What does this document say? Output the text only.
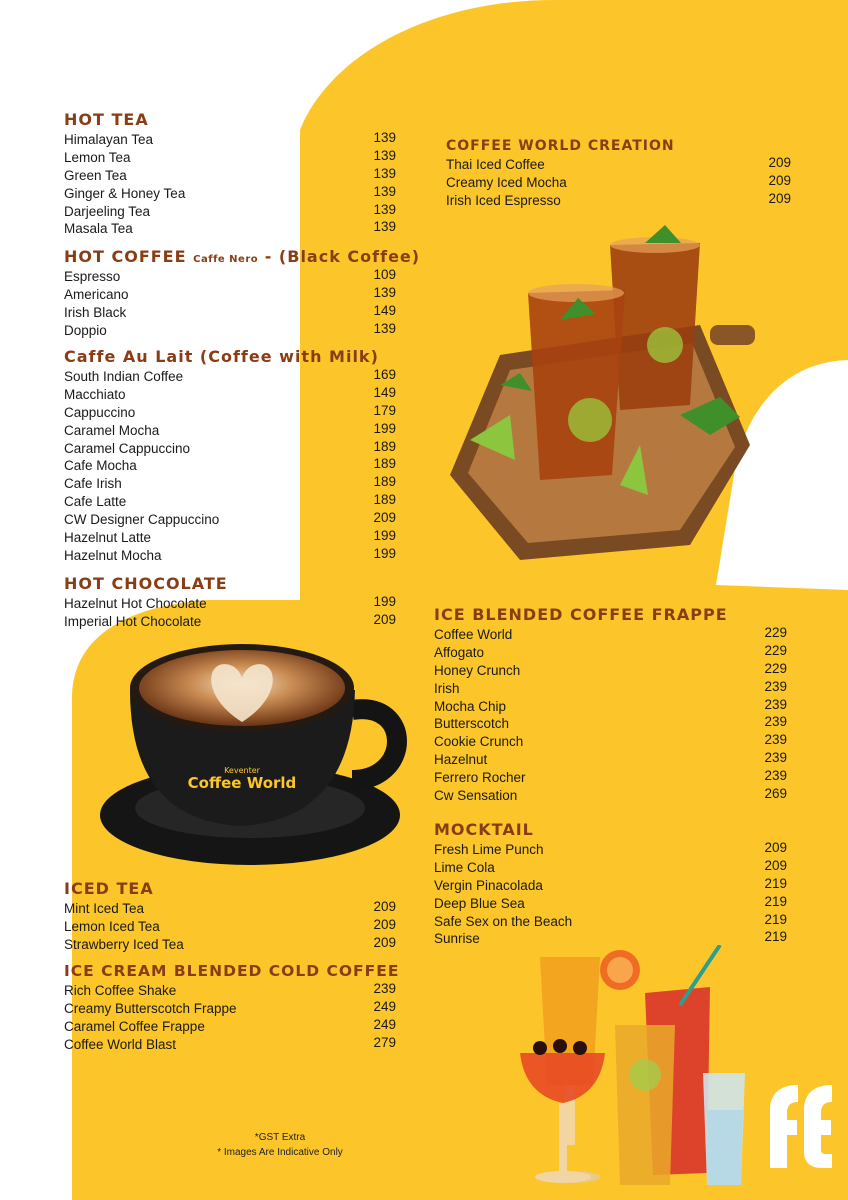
HOT TEA
Himalayan Tea	139
Lemon Tea	139
Green Tea	139
Ginger & Honey Tea	139
Darjeeling Tea	139
Masala Tea	139
HOT COFFEE Caffe Nero - (Black Coffee)
Espresso	109
Americano	139
Irish Black	149
Doppio	139
Caffe Au Lait (Coffee with Milk)
South Indian Coffee	169
Macchiato	149
Cappuccino	179
Caramel Mocha	199
Caramel Cappuccino	189
Cafe Mocha	189
Cafe Irish	189
Cafe Latte	189
CW Designer Cappuccino	209
Hazelnut Latte	199
Hazelnut Mocha	199
HOT CHOCOLATE
Hazelnut Hot Chocolate	199
Imperial Hot Chocolate	209
Keventer
Coffee World
ICED TEA
Mint Iced Tea	209
Lemon Iced Tea	209
Strawberry Iced Tea	209
ICE CREAM BLENDED COLD COFFEE
Rich Coffee Shake	239
Creamy Butterscotch Frappe	249
Caramel Coffee Frappe	249
Coffee World Blast	279
*GST Extra
* Images Are Indicative Only
COFFEE WORLD CREATION
Thai Iced Coffee	209
Creamy Iced Mocha	209
Irish Iced Espresso	209
ICE BLENDED COFFEE FRAPPE
Coffee World	229
Affogato	229
Honey Crunch	229
Irish	239
Mocha Chip	239
Butterscotch	239
Cookie Crunch	239
Hazelnut	239
Ferrero Rocher	239
Cw Sensation	269
MOCKTAIL
Fresh Lime Punch	209
Lime Cola	209
Vergin Pinacolada	219
Deep Blue Sea	219
Safe Sex on the Beach	219
Sunrise	219
